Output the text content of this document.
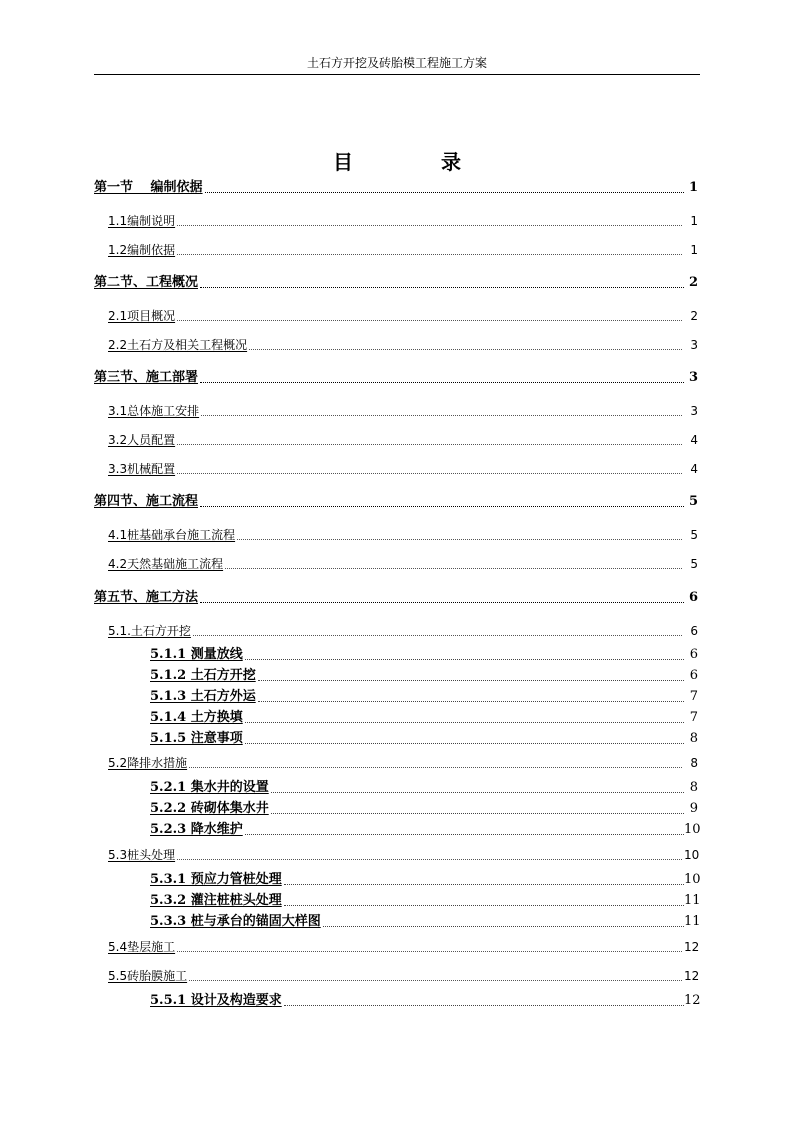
土石方开挖及砖胎模工程施工方案
目　录
第一节　 编制依据	1
1.1编制说明	1
1.2编制依据	1
第二节、工程概况	2
2.1项目概况	2
2.2土石方及相关工程概况	3
第三节、施工部署	3
3.1总体施工安排	3
3.2人员配置	4
3.3机械配置	4
第四节、施工流程	5
4.1桩基础承台施工流程	5
4.2天然基础施工流程	5
第五节、施工方法	6
5.1.土石方开挖	6
5.1.1 测量放线	6
5.1.2 土石方开挖	6
5.1.3 土石方外运	7
5.1.4 土方换填	7
5.1.5 注意事项	8
5.2降排水措施	8
5.2.1 集水井的设置	8
5.2.2 砖砌体集水井	9
5.2.3 降水维护	10
5.3桩头处理	10
5.3.1 预应力管桩处理	10
5.3.2 灌注桩桩头处理	11
5.3.3 桩与承台的锚固大样图	11
5.4垫层施工	12
5.5砖胎膜施工	12
5.5.1 设计及构造要求	12
